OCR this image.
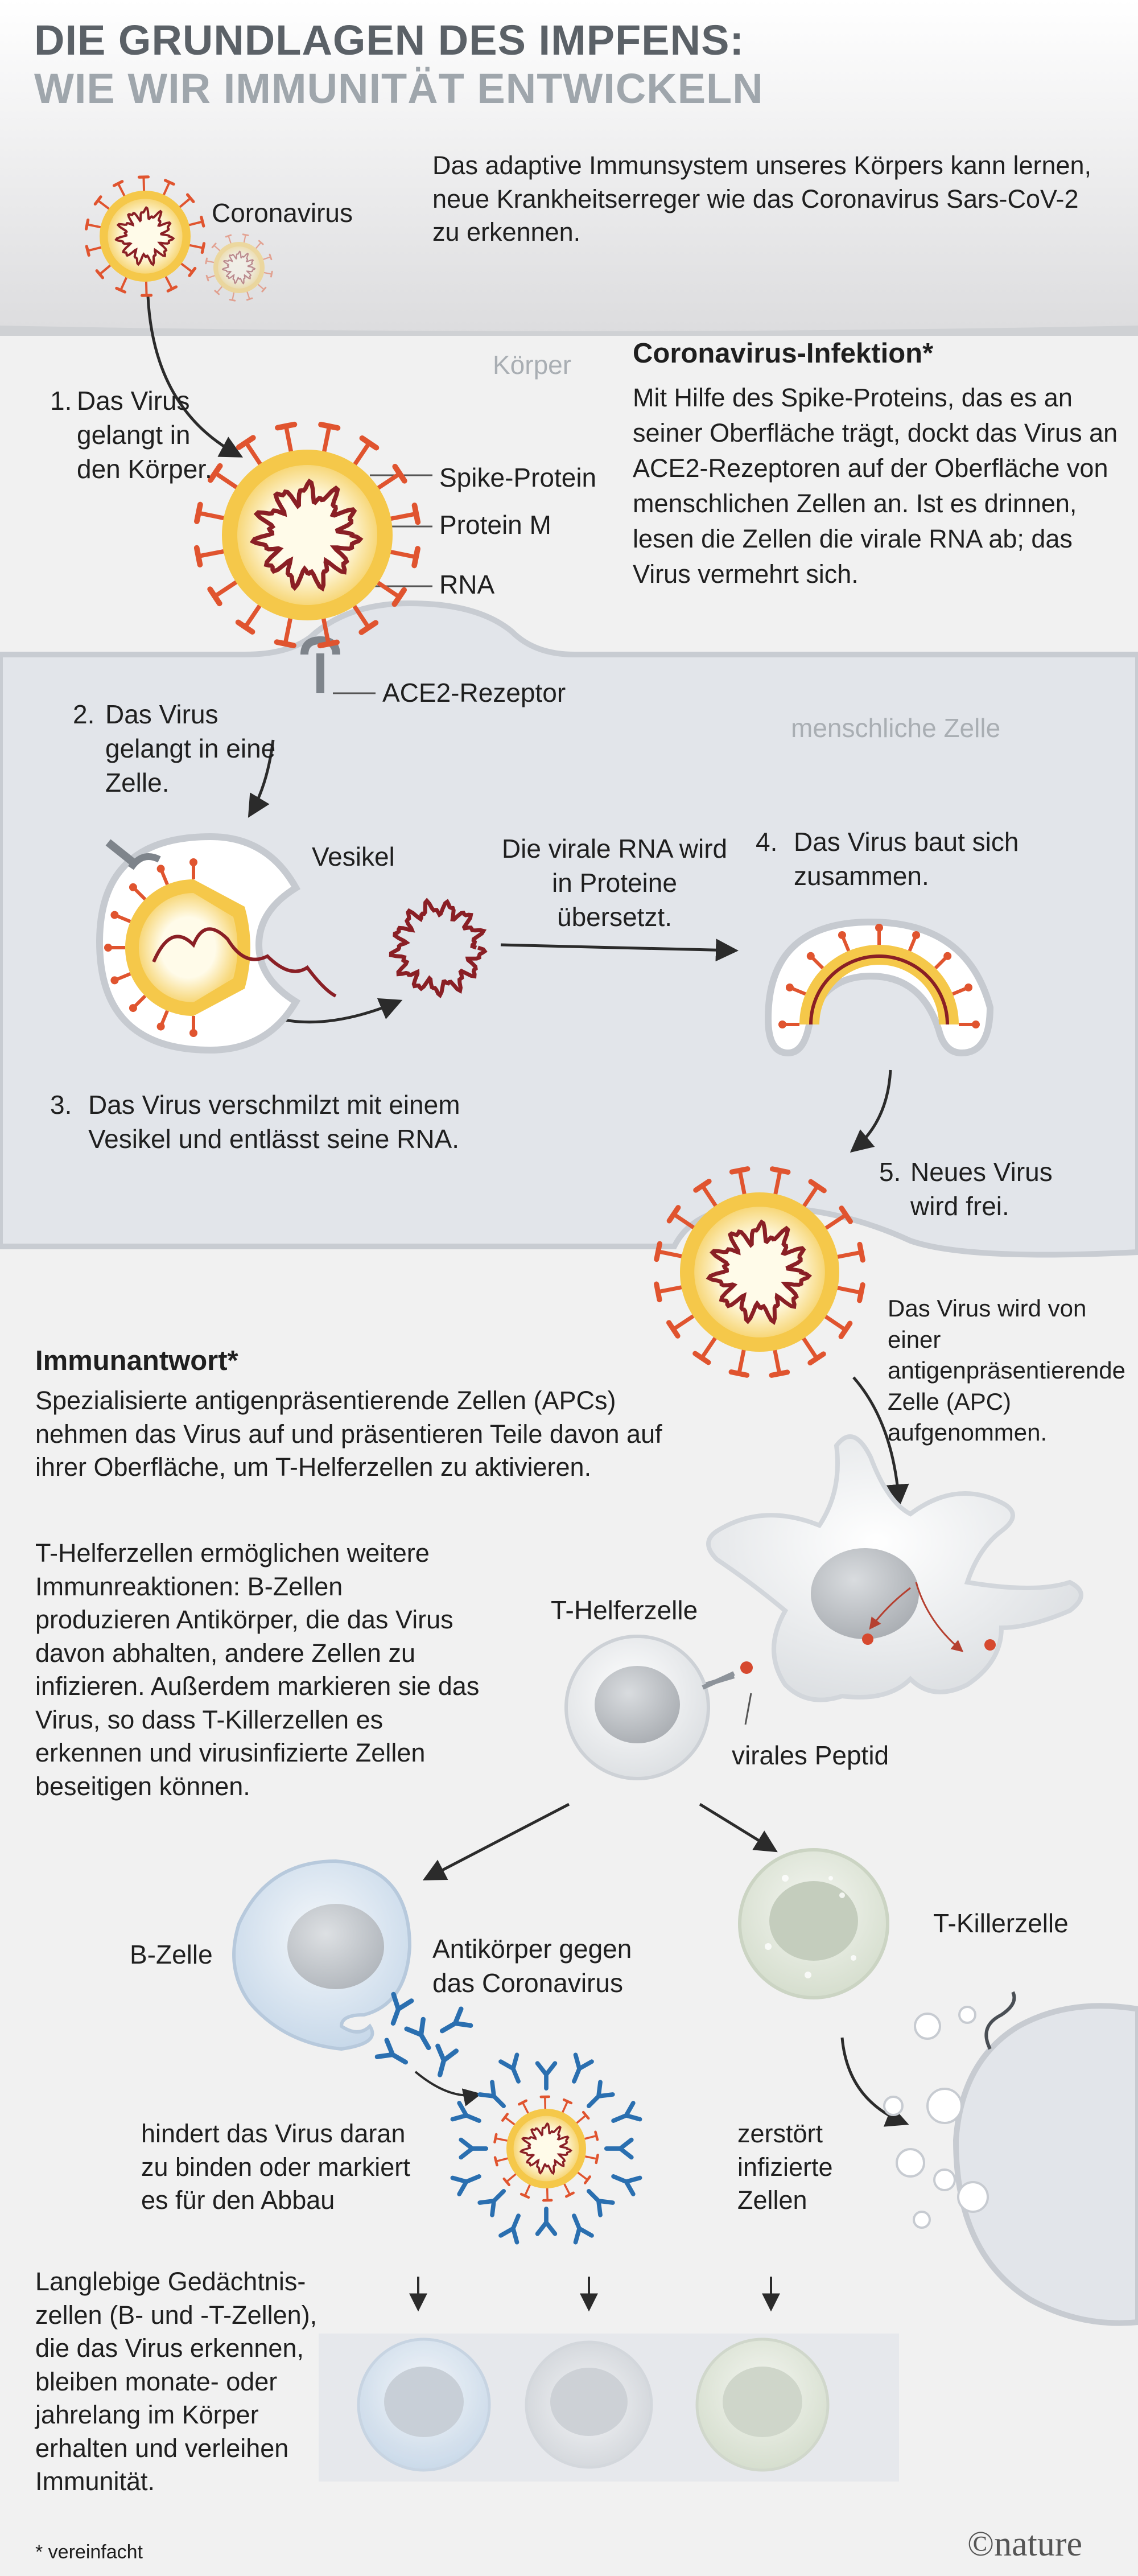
DIE GRUNDLAGEN DES IMPFENS:
WIE WIR IMMUNITÄT ENTWICKELN
Das adaptive Immunsystem unseres Körpers kann lernen, neue Krankheitserreger wie das Coronavirus Sars-CoV-2 zu erkennen.
Coronavirus
Körper
menschliche Zelle
Coronavirus-Infektion*
Mit Hilfe des Spike-Proteins, das es an seiner Oberfläche trägt, dockt das Virus an ACE2-Rezeptoren auf der Oberfläche von menschlichen Zellen an. Ist es drinnen, lesen die Zellen die virale RNA ab; das Virus vermehrt sich.
Spike-Protein
Protein M
RNA
ACE2-Rezeptor
1. Das Virus gelangt in den Körper.
2. Das Virus gelangt in eine Zelle.
Vesikel	Die virale RNA wird in Proteine übersetzt.
3. Das Virus verschmilzt mit einem Vesikel und entlässt seine RNA.
4. Das Virus baut sich zusammen.
5. Neues Virus wird frei.
Das Virus wird von einer antigenpräsentierende Zelle (APC) aufgenommen.
Immunantwort*
Spezialisierte antigenpräsentierende Zellen (APCs) nehmen das Virus auf und präsentieren Teile davon auf ihrer Oberfläche, um T-Helferzellen zu aktivieren.
T-Helferzellen ermöglichen weitere Immunreaktionen: B-Zellen produzieren Antikörper, die das Virus davon abhalten, andere Zellen zu infizieren. Außerdem markieren sie das Virus, so dass T-Killerzellen es erkennen und virusinfizierte Zellen beseitigen können.
T-Helferzelle
virales Peptid
B-Zelle	Antikörper gegen das Coronavirus
T-Killerzelle
hindert das Virus daran zu binden oder markiert es für den Abbau
zerstört infizierte Zellen
Langlebige Gedächtniszellen (B- und -T-Zellen), die das Virus erkennen, bleiben monate- oder jahrelang im Körper erhalten und verleihen Immunität.
* vereinfacht	©nature
